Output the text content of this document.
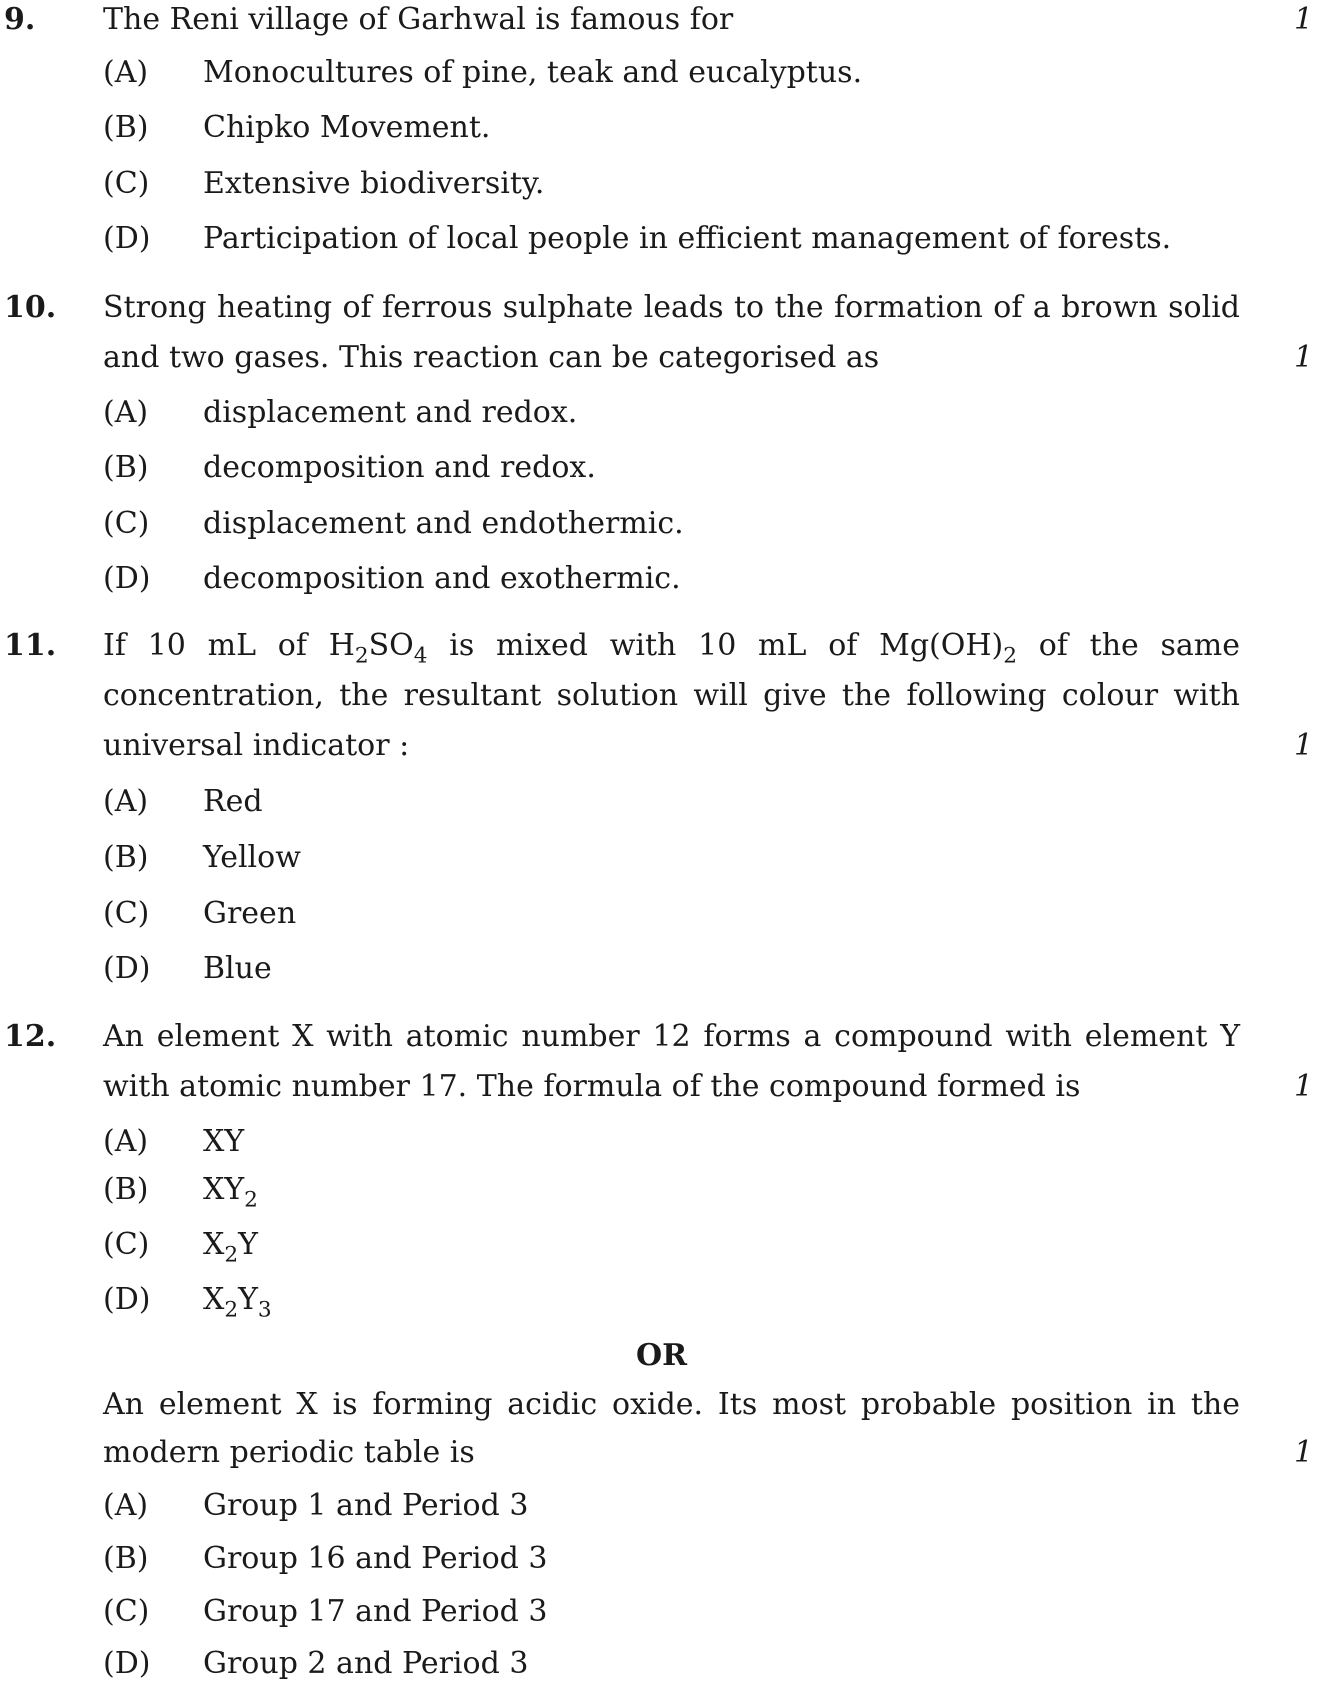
9. The Reni village of Garhwal is famous for	1
(A) Monocultures of pine, teak and eucalyptus.
(B) Chipko Movement.
(C) Extensive biodiversity.
(D) Participation of local people in efficient management of forests.
10. Strong heating of ferrous sulphate leads to the formation of a brown solid
and two gases. This reaction can be categorised as	1
(A) displacement and redox.
(B) decomposition and redox.
(C) displacement and endothermic.
(D) decomposition and exothermic.
11. If 10 mL of $H_2SO_4$ is mixed with 10 mL of $Mg(OH)_2$ of the same
concentration, the resultant solution will give the following colour with
universal indicator :	1
(A) Red
(B) Yellow
(C) Green
(D) Blue
12. An element X with atomic number 12 forms a compound with element Y
with atomic number 17. The formula of the compound formed is	1
(A) XY
(B) $XY_2$
(C) $X_2Y$
(D) $X_2Y_3$
OR
An element X is forming acidic oxide. Its most probable position in the
modern periodic table is	1
(A) Group 1 and Period 3
(B) Group 16 and Period 3
(C) Group 17 and Period 3
(D) Group 2 and Period 3
